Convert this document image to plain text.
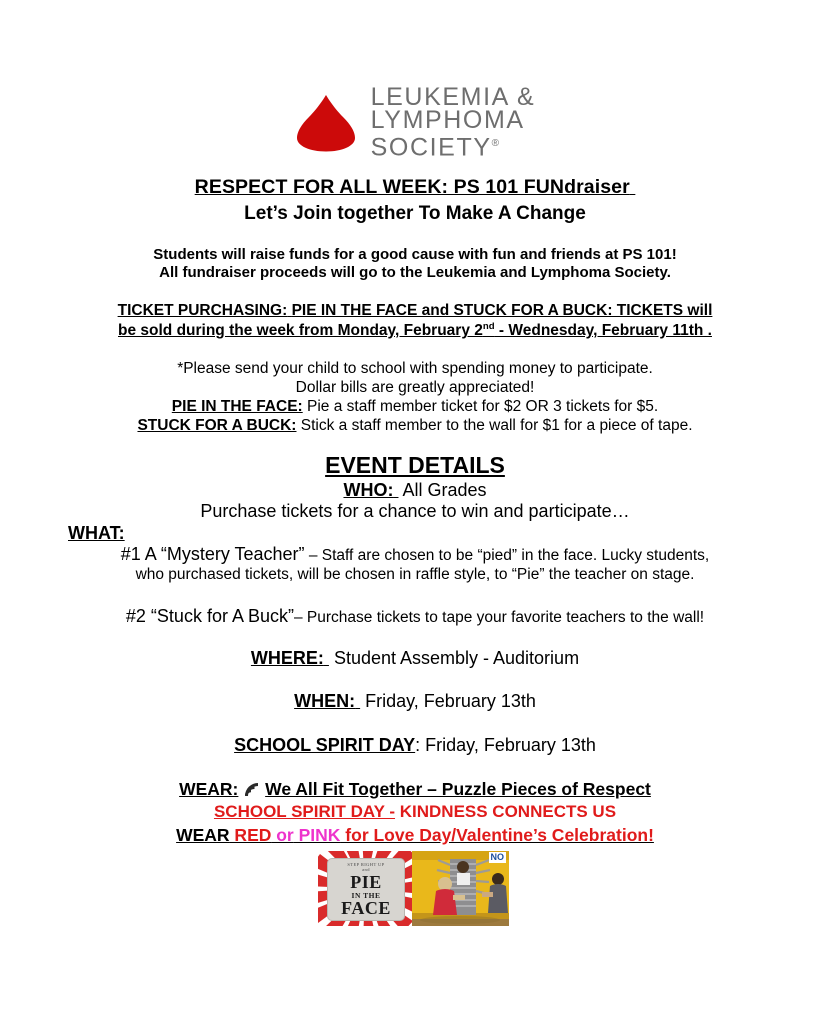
LEUKEMIA &
LYMPHOMA
SOCIETY®
RESPECT FOR ALL WEEK: PS 101 FUNdraiser
Let’s Join together To Make A Change
Students will raise funds for a good cause with fun and friends at PS 101!
All fundraiser proceeds will go to the Leukemia and Lymphoma Society.
TICKET PURCHASING: PIE IN THE FACE and STUCK FOR A BUCK: TICKETS will
be sold during the week from Monday, February 2nd - Wednesday, February 11th .
*Please send your child to school with spending money to participate.
Dollar bills are greatly appreciated!
PIE IN THE FACE: Pie a staff member ticket for $2 OR 3 tickets for $5.
STUCK FOR A BUCK: Stick a staff member to the wall for $1 for a piece of tape.
EVENT DETAILS
WHO:  All Grades
Purchase tickets for a chance to win and participate…
WHAT:
#1 A “Mystery Teacher” – Staff are chosen to be “pied” in the face. Lucky students,
who purchased tickets, will be chosen in raffle style, to “Pie” the teacher on stage.
#2 “Stuck for A Buck”– Purchase tickets to tape your favorite teachers to the wall!
WHERE:  Student Assembly - Auditorium
WHEN:  Friday, February 13th
SCHOOL SPIRIT DAY: Friday, February 13th
WEAR: We All Fit Together – Puzzle Pieces of Respect
SCHOOL SPIRIT DAY - KINDNESS CONNECTS US
WEAR RED or PINK for Love Day/Valentine’s Celebration!
STEP RIGHT UP
and
PIE
IN THE
FACE
NO
